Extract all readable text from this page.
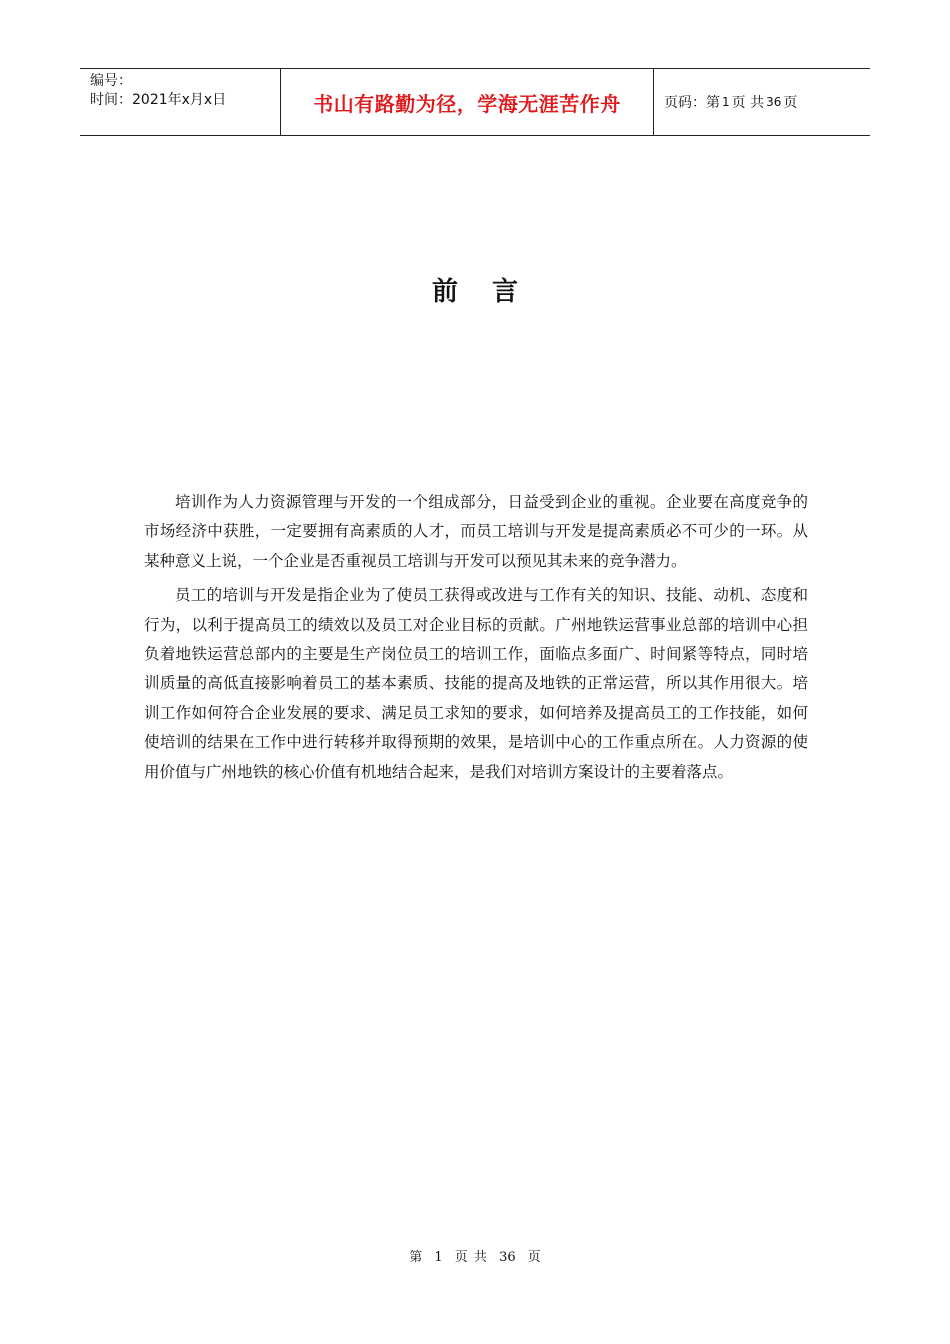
编号：
时间：2021年x月x日	书山有路勤为径，学海无涯苦作舟	页码：第 1 页 共 36 页
前言

培训作为人力资源管理与开发的一个组成部分，日益受到企业的重视。企业要在高度竞争的市场经济中获胜，一定要拥有高素质的人才，而员工培训与开发是提高素质必不可少的一环。从某种意义上说，一个企业是否重视员工培训与开发可以预见其未来的竞争潜力。

员工的培训与开发是指企业为了使员工获得或改进与工作有关的知识、技能、动机、态度和行为，以利于提高员工的绩效以及员工对企业目标的贡献。广州地铁运营事业总部的培训中心担负着地铁运营总部内的主要是生产岗位员工的培训工作，面临点多面广、时间紧等特点，同时培训质量的高低直接影响着员工的基本素质、技能的提高及地铁的正常运营，所以其作用很大。培训工作如何符合企业发展的要求、满足员工求知的要求，如何培养及提高员工的工作技能，如何使培训的结果在工作中进行转移并取得预期的效果，是培训中心的工作重点所在。人力资源的使用价值与广州地铁的核心价值有机地结合起来，是我们对培训方案设计的主要着落点。

第 1 页 共 36 页
